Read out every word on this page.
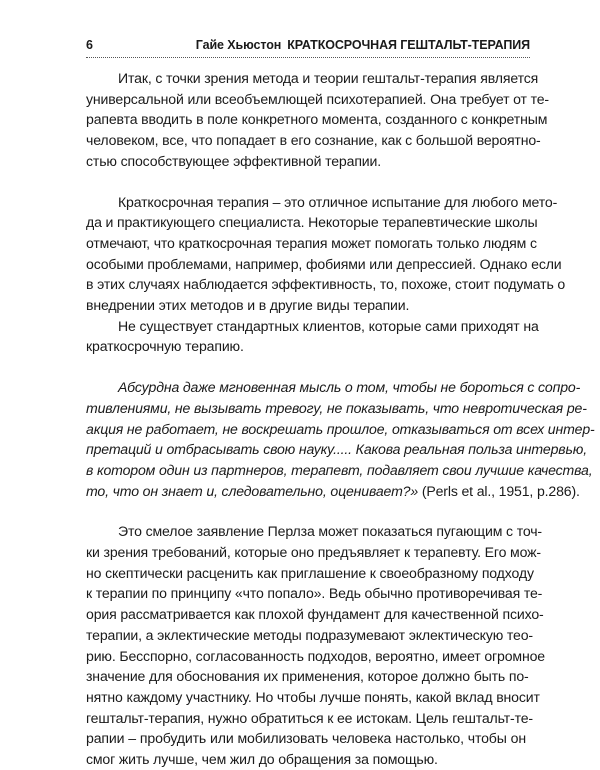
6	Гайе Хьюстон КРАТКОСРОЧНАЯ ГЕШТАЛЬТ-ТЕРАПИЯ
Итак, с точки зрения метода и теории гештальт-терапия является
универсальной или всеобъемлющей психотерапией. Она требует от те-
рапевта вводить в поле конкретного момента, созданного с конкретным
человеком, все, что попадает в его сознание, как с большой вероятно-
стью способствующее эффективной терапии.
Краткосрочная терапия – это отличное испытание для любого мето-
да и практикующего специалиста. Некоторые терапевтические школы
отмечают, что краткосрочная терапия может помогать только людям с
особыми проблемами, например, фобиями или депрессией. Однако если
в этих случаях наблюдается эффективность, то, похоже, стоит подумать о
внедрении этих методов и в другие виды терапии.
Не существует стандартных клиентов, которые сами приходят на
краткосрочную терапию.
Абсурдна даже мгновенная мысль о том, чтобы не бороться с сопро-
тивлениями, не вызывать тревогу, не показывать, что невротическая ре-
акция не работает, не воскрешать прошлое, отказываться от всех интер-
претаций и отбрасывать свою науку..... Какова реальная польза интервью,
в котором один из партнеров, терапевт, подавляет свои лучшие качества,
то, что он знает и, следовательно, оценивает?» (Perls et al., 1951, p.286).
Это смелое заявление Перлза может показаться пугающим с точ-
ки зрения требований, которые оно предъявляет к терапевту. Его мож-
но скептически расценить как приглашение к своеобразному подходу
к терапии по принципу «что попало». Ведь обычно противоречивая те-
ория рассматривается как плохой фундамент для качественной психо-
терапии, а эклектические методы подразумевают эклектическую тео-
рию. Бесспорно, согласованность подходов, вероятно, имеет огромное
значение для обоснования их применения, которое должно быть по-
нятно каждому участнику. Но чтобы лучше понять, какой вклад вносит
гештальт-терапия, нужно обратиться к ее истокам. Цель гештальт-те-
рапии – пробудить или мобилизовать человека настолько, чтобы он
смог жить лучше, чем жил до обращения за помощью.
